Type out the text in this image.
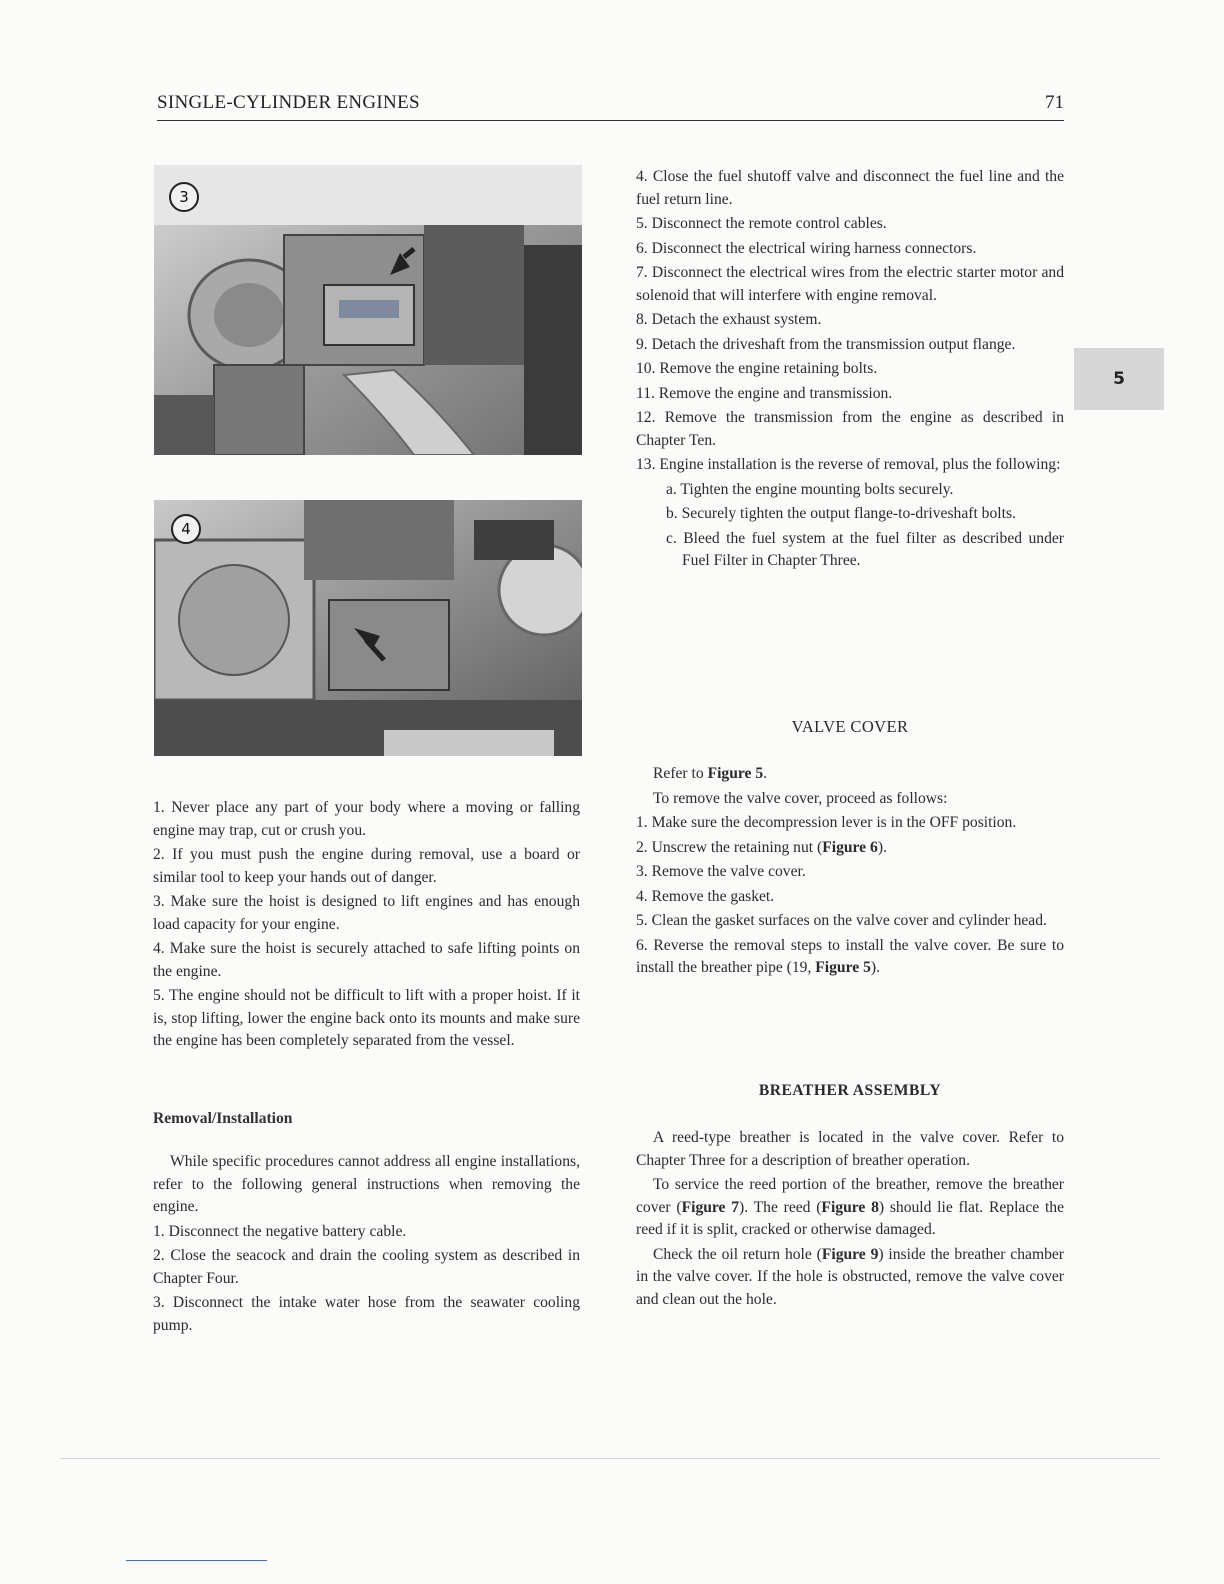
SINGLE-CYLINDER ENGINES	71
5
3
4

1. Never place any part of your body where a moving or falling engine may trap, cut or crush you.

2. If you must push the engine during removal, use a board or similar tool to keep your hands out of danger.

3. Make sure the hoist is designed to lift engines and has enough load capacity for your engine.

4. Make sure the hoist is securely attached to safe lifting points on the engine.

5. The engine should not be difficult to lift with a proper hoist. If it is, stop lifting, lower the engine back onto its mounts and make sure the engine has been completely separated from the vessel.

Removal/Installation

While specific procedures cannot address all engine installations, refer to the following general instructions when removing the engine.

1. Disconnect the negative battery cable.

2. Close the seacock and drain the cooling system as described in Chapter Four.

3. Disconnect the intake water hose from the seawater cooling pump.

4. Close the fuel shutoff valve and disconnect the fuel line and the fuel return line.

5. Disconnect the remote control cables.

6. Disconnect the electrical wiring harness connectors.

7. Disconnect the electrical wires from the electric starter motor and solenoid that will interfere with engine removal.

8. Detach the exhaust system.

9. Detach the driveshaft from the transmission output flange.

10. Remove the engine retaining bolts.

11. Remove the engine and transmission.

12. Remove the transmission from the engine as described in Chapter Ten.

13. Engine installation is the reverse of removal, plus the following:

a. Tighten the engine mounting bolts securely.

b. Securely tighten the output flange-to-driveshaft bolts.

c. Bleed the fuel system at the fuel filter as described under Fuel Filter in Chapter Three.

VALVE COVER

Refer to Figure 5.

To remove the valve cover, proceed as follows:

1. Make sure the decompression lever is in the OFF position.

2. Unscrew the retaining nut (Figure 6).

3. Remove the valve cover.

4. Remove the gasket.

5. Clean the gasket surfaces on the valve cover and cylinder head.

6. Reverse the removal steps to install the valve cover. Be sure to install the breather pipe (19, Figure 5).

BREATHER ASSEMBLY

A reed-type breather is located in the valve cover. Refer to Chapter Three for a description of breather operation.

To service the reed portion of the breather, remove the breather cover (Figure 7). The reed (Figure 8) should lie flat. Replace the reed if it is split, cracked or otherwise damaged.

Check the oil return hole (Figure 9) inside the breather chamber in the valve cover. If the hole is obstructed, remove the valve cover and clean out the hole.
